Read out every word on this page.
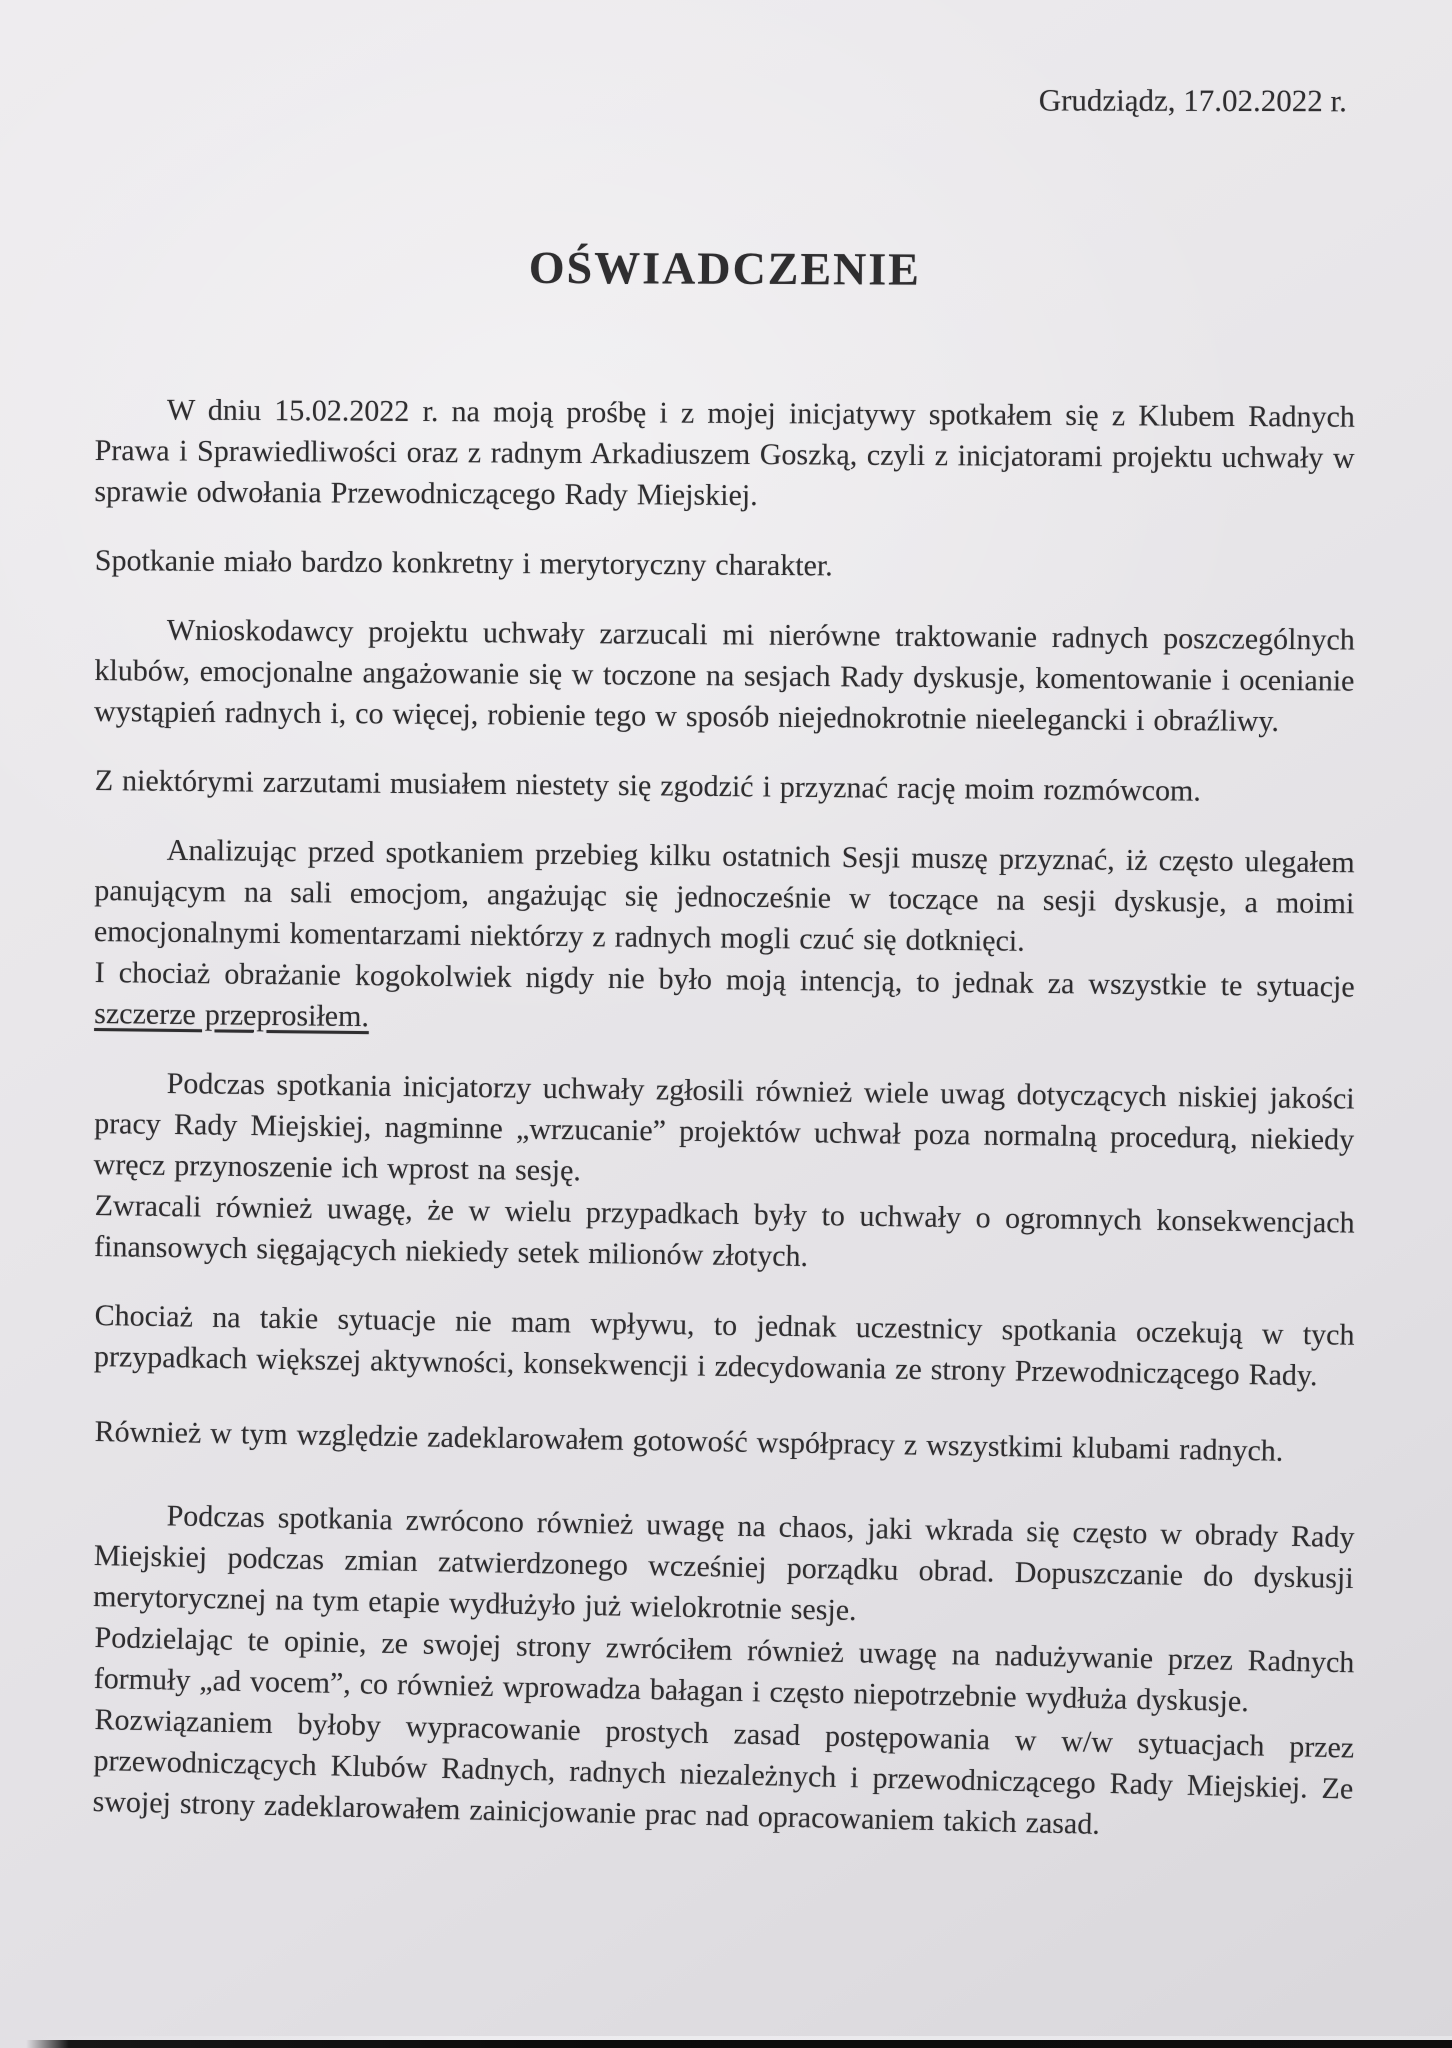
Grudziądz, 17.02.2022 r.
OŚWIADCZENIE

W dniu 15.02.2022 r. na moją prośbę i z mojej inicjatywy spotkałem się z Klubem Radnych Prawa i Sprawiedliwości oraz z radnym Arkadiuszem Goszką, czyli z inicjatorami projektu uchwały w sprawie odwołania Przewodniczącego Rady Miejskiej.

Spotkanie miało bardzo konkretny i merytoryczny charakter.

Wnioskodawcy projektu uchwały zarzucali mi nierówne traktowanie radnych poszczególnych klubów, emocjonalne angażowanie się w toczone na sesjach Rady dyskusje, komentowanie i ocenianie wystąpień radnych i, co więcej, robienie tego w sposób niejednokrotnie nieelegancki i obraźliwy.

Z niektórymi zarzutami musiałem niestety się zgodzić i przyznać rację moim rozmówcom.

Analizując przed spotkaniem przebieg kilku ostatnich Sesji muszę przyznać, iż często ulegałem panującym na sali emocjom, angażując się jednocześnie w toczące na sesji dyskusje, a moimi emocjonalnymi komentarzami niektórzy z radnych mogli czuć się dotknięci.

I chociaż obrażanie kogokolwiek nigdy nie było moją intencją, to jednak za wszystkie te sytuacje szczerze przeprosiłem.

Podczas spotkania inicjatorzy uchwały zgłosili również wiele uwag dotyczących niskiej jakości pracy Rady Miejskiej, nagminne „wrzucanie” projektów uchwał poza normalną procedurą, niekiedy wręcz przynoszenie ich wprost na sesję.

Zwracali również uwagę, że w wielu przypadkach były to uchwały o ogromnych konsekwencjach finansowych sięgających niekiedy setek milionów złotych.

Chociaż na takie sytuacje nie mam wpływu, to jednak uczestnicy spotkania oczekują w tych przypadkach większej aktywności, konsekwencji i zdecydowania ze strony Przewodniczącego Rady.

Również w tym względzie zadeklarowałem gotowość współpracy z wszystkimi klubami radnych.

Podczas spotkania zwrócono również uwagę na chaos, jaki wkrada się często w obrady Rady Miejskiej podczas zmian zatwierdzonego wcześniej porządku obrad. Dopuszczanie do dyskusji merytorycznej na tym etapie wydłużyło już wielokrotnie sesje.

Podzielając te opinie, ze swojej strony zwróciłem również uwagę na nadużywanie przez Radnych formuły „ad vocem”, co również wprowadza bałagan i często niepotrzebnie wydłuża dyskusje.

Rozwiązaniem byłoby wypracowanie prostych zasad postępowania w w/w sytuacjach przez przewodniczących Klubów Radnych, radnych niezależnych i przewodniczącego Rady Miejskiej. Ze swojej strony zadeklarowałem zainicjowanie prac nad opracowaniem takich zasad.
